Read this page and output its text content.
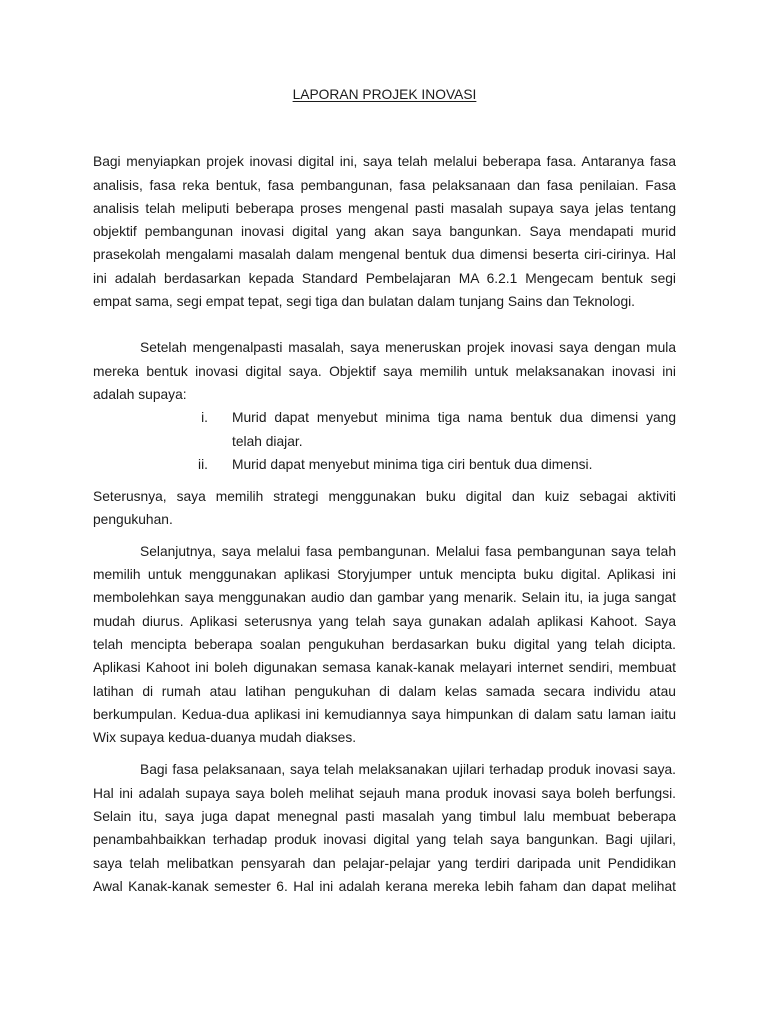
LAPORAN PROJEK INOVASI
Bagi menyiapkan projek inovasi digital ini, saya telah melalui beberapa fasa. Antaranya fasa
analisis, fasa reka bentuk, fasa pembangunan, fasa pelaksanaan dan fasa penilaian. Fasa
analisis telah meliputi beberapa proses mengenal pasti masalah supaya saya jelas tentang
objektif pembangunan inovasi digital yang akan saya bangunkan. Saya mendapati murid
prasekolah mengalami masalah dalam mengenal bentuk dua dimensi beserta ciri-cirinya. Hal
ini adalah berdasarkan kepada Standard Pembelajaran MA 6.2.1 Mengecam bentuk segi
empat sama, segi empat tepat, segi tiga dan bulatan dalam tunjang Sains dan Teknologi.
Setelah mengenalpasti masalah, saya meneruskan projek inovasi saya dengan mula
mereka bentuk inovasi digital saya. Objektif saya memilih untuk melaksanakan inovasi ini
adalah supaya:
i. Murid dapat menyebut minima tiga nama bentuk dua dimensi yang
telah diajar.
ii. Murid dapat menyebut minima tiga ciri bentuk dua dimensi.
Seterusnya, saya memilih strategi menggunakan buku digital dan kuiz sebagai aktiviti
pengukuhan.
Selanjutnya, saya melalui fasa pembangunan. Melalui fasa pembangunan saya telah
memilih untuk menggunakan aplikasi Storyjumper untuk mencipta buku digital. Aplikasi ini
membolehkan saya menggunakan audio dan gambar yang menarik. Selain itu, ia juga sangat
mudah diurus. Aplikasi seterusnya yang telah saya gunakan adalah aplikasi Kahoot. Saya
telah mencipta beberapa soalan pengukuhan berdasarkan buku digital yang telah dicipta.
Aplikasi Kahoot ini boleh digunakan semasa kanak-kanak melayari internet sendiri, membuat
latihan di rumah atau latihan pengukuhan di dalam kelas samada secara individu atau
berkumpulan. Kedua-dua aplikasi ini kemudiannya saya himpunkan di dalam satu laman iaitu
Wix supaya kedua-duanya mudah diakses.
Bagi fasa pelaksanaan, saya telah melaksanakan ujilari terhadap produk inovasi saya.
Hal ini adalah supaya saya boleh melihat sejauh mana produk inovasi saya boleh berfungsi.
Selain itu, saya juga dapat menegnal pasti masalah yang timbul lalu membuat beberapa
penambahbaikkan terhadap produk inovasi digital yang telah saya bangunkan. Bagi ujilari,
saya telah melibatkan pensyarah dan pelajar-pelajar yang terdiri daripada unit Pendidikan
Awal Kanak-kanak semester 6. Hal ini adalah kerana mereka lebih faham dan dapat melihat
